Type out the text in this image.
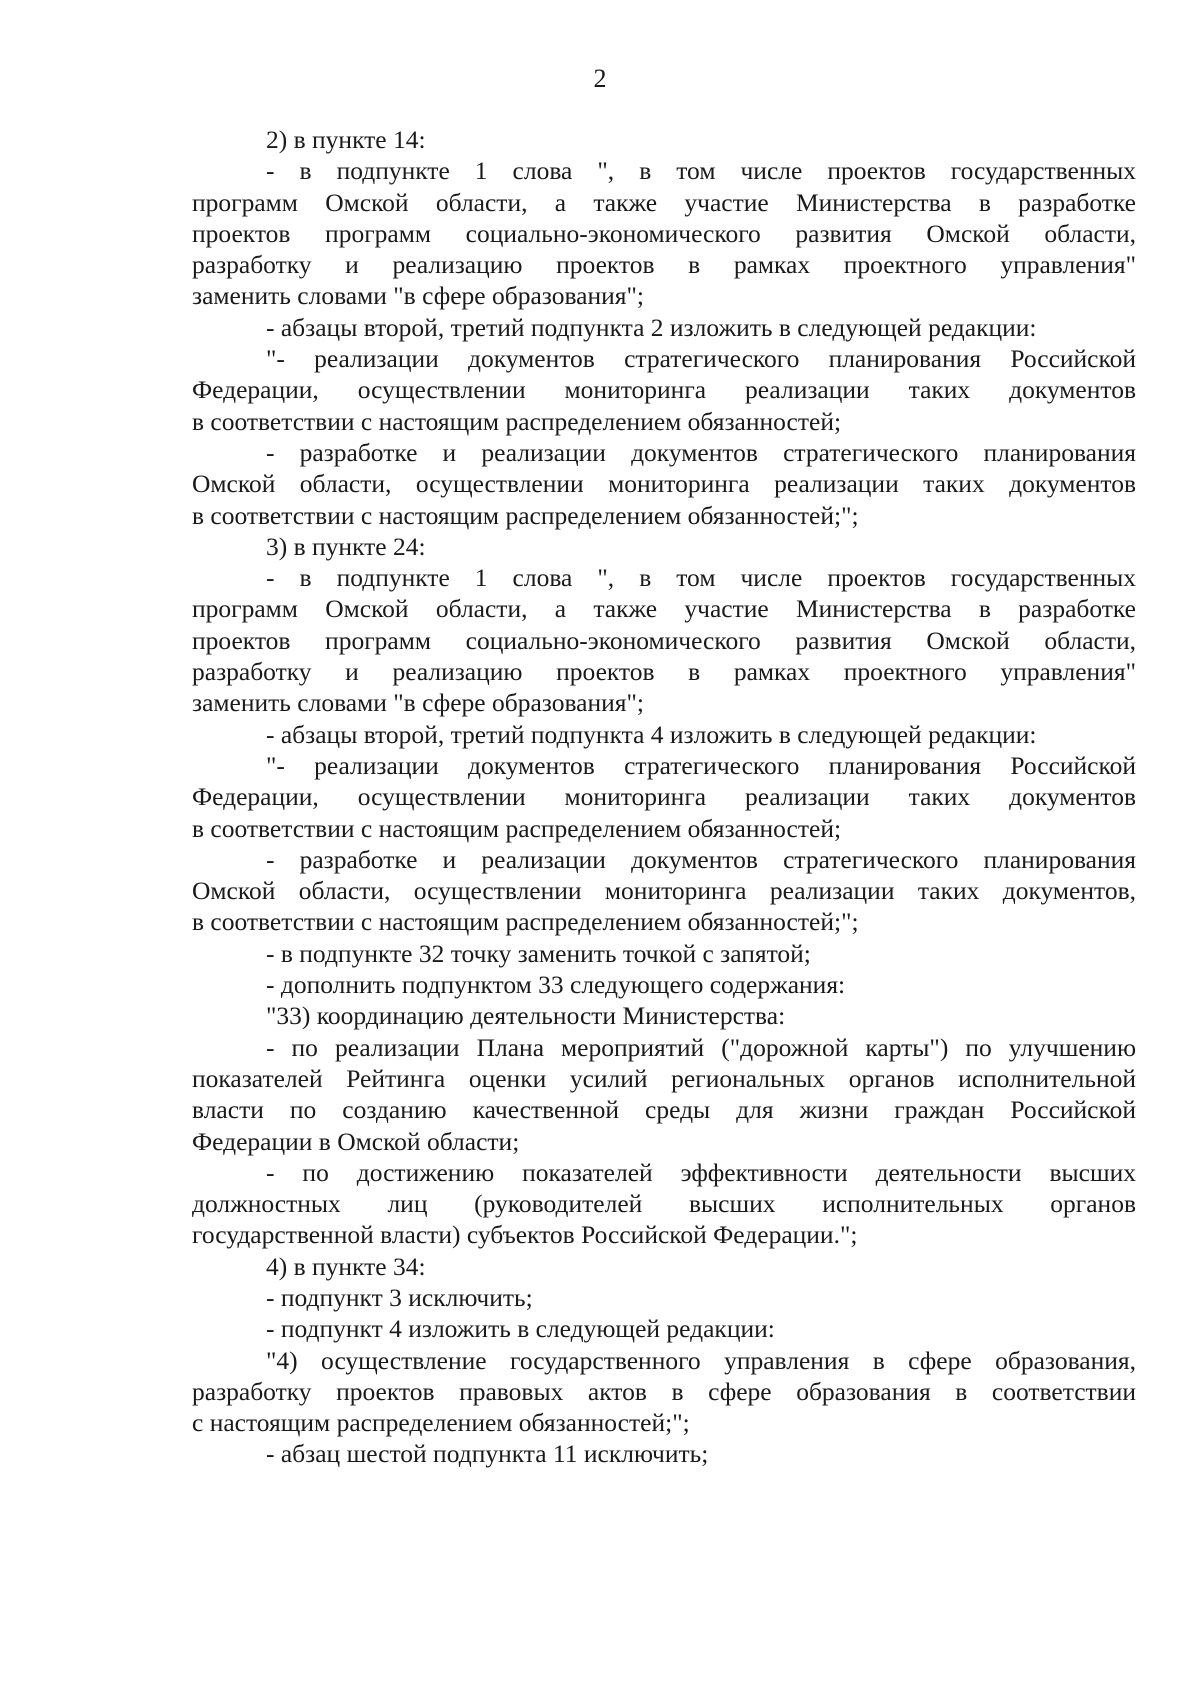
2
2) в пункте 14:
- в подпункте 1 слова ", в том числе проектов государственных
программ Омской области, а также участие Министерства в разработке
проектов программ социально-экономического развития Омской области,
разработку и реализацию проектов в рамках проектного управления"
заменить словами "в сфере образования";
- абзацы второй, третий подпункта 2 изложить в следующей редакции:
"- реализации документов стратегического планирования Российской
Федерации, осуществлении мониторинга реализации таких документов
в соответствии с настоящим распределением обязанностей;
- разработке и реализации документов стратегического планирования
Омской области, осуществлении мониторинга реализации таких документов
в соответствии с настоящим распределением обязанностей;";
3) в пункте 24:
- в подпункте 1 слова ", в том числе проектов государственных
программ Омской области, а также участие Министерства в разработке
проектов программ социально-экономического развития Омской области,
разработку и реализацию проектов в рамках проектного управления"
заменить словами "в сфере образования";
- абзацы второй, третий подпункта 4 изложить в следующей редакции:
"- реализации документов стратегического планирования Российской
Федерации, осуществлении мониторинга реализации таких документов
в соответствии с настоящим распределением обязанностей;
- разработке и реализации документов стратегического планирования
Омской области, осуществлении мониторинга реализации таких документов,
в соответствии с настоящим распределением обязанностей;";
- в подпункте 32 точку заменить точкой с запятой;
- дополнить подпунктом 33 следующего содержания:
"33) координацию деятельности Министерства:
- по реализации Плана мероприятий ("дорожной карты") по улучшению
показателей Рейтинга оценки усилий региональных органов исполнительной
власти по созданию качественной среды для жизни граждан Российской
Федерации в Омской области;
- по достижению показателей эффективности деятельности высших
должностных лиц (руководителей высших исполнительных органов
государственной власти) субъектов Российской Федерации.";
4) в пункте 34:
- подпункт 3 исключить;
- подпункт 4 изложить в следующей редакции:
"4) осуществление государственного управления в сфере образования,
разработку проектов правовых актов в сфере образования в соответствии
с настоящим распределением обязанностей;";
- абзац шестой подпункта 11 исключить;
